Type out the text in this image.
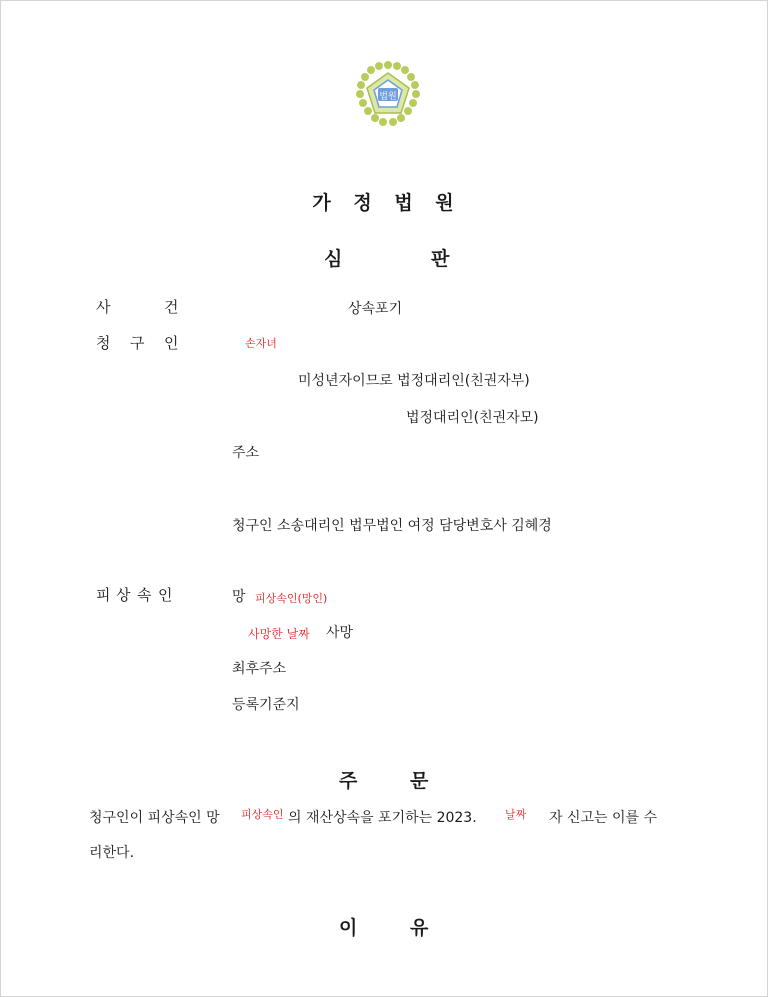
법원
가 정 법 원
심	판
사	건	상속포기
청 구 인	손자녀
미성년자이므로 법정대리인(친권자부)
법정대리인(친권자모)
주소
청구인 소송대리인 법무법인 여정 담당변호사 김혜경
피 상 속 인	망 피상속인(망인)
사망한 날짜 사망
최후주소
등록기준지
주	문
청구인이 피상속인 망 피상속인 의 재산상속을 포기하는 2023.	날짜 자 신고는 이를 수
리한다.
이	유
